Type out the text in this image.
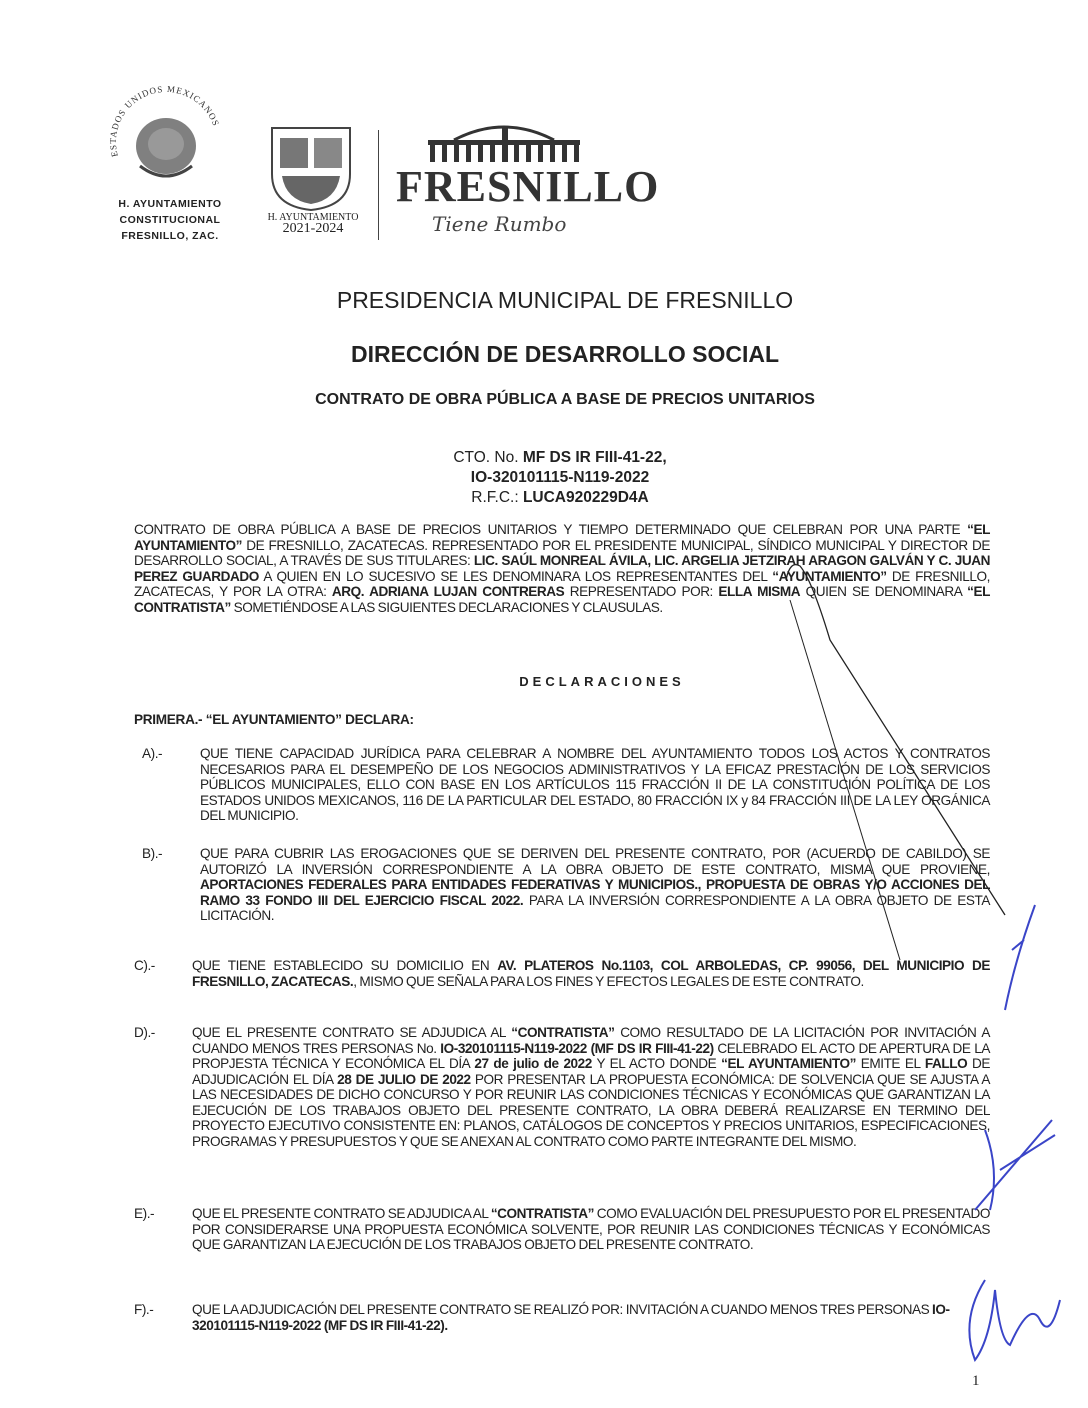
ESTADOS UNIDOS MEXICANOS
H. AYUNTAMIENTO
CONSTITUCIONAL
FRESNILLO, ZAC.
H. AYUNTAMIENTO
2021-2024
FRESNILLO
Tiene Rumbo
PRESIDENCIA MUNICIPAL DE FRESNILLO
DIRECCIÓN DE DESARROLLO SOCIAL
CONTRATO DE OBRA PÚBLICA A BASE DE PRECIOS UNITARIOS
CTO. No. MF DS IR FIII-41-22,
IO-320101115-N119-2022
R.F.C.: LUCA920229D4A
CONTRATO DE OBRA PÚBLICA A BASE DE PRECIOS UNITARIOS Y TIEMPO DETERMINADO QUE CELEBRAN POR UNA PARTE “EL AYUNTAMIENTO” DE FRESNILLO, ZACATECAS. REPRESENTADO POR EL PRESIDENTE MUNICIPAL, SÍNDICO MUNICIPAL Y DIRECTOR DE DESARROLLO SOCIAL, A TRAVÉS DE SUS TITULARES: LIC. SAÚL MONREAL ÁVILA, LIC. ARGELIA JETZIRAH ARAGON GALVÁN Y C. JUAN PEREZ GUARDADO A QUIEN EN LO SUCESIVO SE LES DENOMINARA LOS REPRESENTANTES DEL “AYUNTAMIENTO” DE FRESNILLO, ZACATECAS, Y POR LA OTRA: ARQ. ADRIANA LUJAN CONTRERAS REPRESENTADO POR: ELLA MISMA QUIEN SE DENOMINARA “EL CONTRATISTA” SOMETIÉNDOSE A LAS SIGUIENTES DECLARACIONES Y CLAUSULAS.
DECLARACIONES
PRIMERA.- “EL AYUNTAMIENTO” DECLARA:
A).-	QUE TIENE CAPACIDAD JURÍDICA PARA CELEBRAR A NOMBRE DEL AYUNTAMIENTO TODOS LOS ACTOS Y CONTRATOS NECESARIOS PARA EL DESEMPEÑO DE LOS NEGOCIOS ADMINISTRATIVOS Y LA EFICAZ PRESTACIÓN DE LOS SERVICIOS PÚBLICOS MUNICIPALES, ELLO CON BASE EN LOS ARTÍCULOS 115 FRACCIÓN II DE LA CONSTITUCIÓN POLÍTICA DE LOS ESTADOS UNIDOS MEXICANOS, 116 DE LA PARTICULAR DEL ESTADO, 80 FRACCIÓN IX y 84 FRACCIÓN III DE LA LEY ORGÁNICA DEL MUNICIPIO.
B).-	QUE PARA CUBRIR LAS EROGACIONES QUE SE DERIVEN DEL PRESENTE CONTRATO, POR (ACUERDO DE CABILDO) SE AUTORIZÓ LA INVERSIÓN CORRESPONDIENTE A LA OBRA OBJETO DE ESTE CONTRATO, MISMA QUE PROVIENE, APORTACIONES FEDERALES PARA ENTIDADES FEDERATIVAS Y MUNICIPIOS., PROPUESTA DE OBRAS Y/O ACCIONES DEL RAMO 33 FONDO III DEL EJERCICIO FISCAL 2022. PARA LA INVERSIÓN CORRESPONDIENTE A LA OBRA OBJETO DE ESTA LICITACIÓN.
C).-	QUE TIENE ESTABLECIDO SU DOMICILIO EN AV. PLATEROS No.1103, COL ARBOLEDAS, CP. 99056, DEL MUNICIPIO DE FRESNILLO, ZACATECAS., MISMO QUE SEÑALA PARA LOS FINES Y EFECTOS LEGALES DE ESTE CONTRATO.
D).-	QUE EL PRESENTE CONTRATO SE ADJUDICA AL “CONTRATISTA” COMO RESULTADO DE LA LICITACIÓN POR INVITACIÓN A CUANDO MENOS TRES PERSONAS No. IO-320101115-N119-2022 (MF DS IR FIII-41-22) CELEBRADO EL ACTO DE APERTURA DE LA PROPJESTA TÉCNICA Y ECONÓMICA EL DÍA 27 de julio de 2022 Y EL ACTO DONDE “EL AYUNTAMIENTO” EMITE EL FALLO DE ADJUDICACIÓN EL DÍA 28 DE JULIO DE 2022 POR PRESENTAR LA PROPUESTA ECONÓMICA: DE SOLVENCIA QUE SE AJUSTA A LAS NECESIDADES DE DICHO CONCURSO Y POR REUNIR LAS CONDICIONES TÉCNICAS Y ECONÓMICAS QUE GARANTIZAN LA EJECUCIÓN DE LOS TRABAJOS OBJETO DEL PRESENTE CONTRATO, LA OBRA DEBERÁ REALIZARSE EN TERMINO DEL PROYECTO EJECUTIVO CONSISTENTE EN: PLANOS, CATÁLOGOS DE CONCEPTOS Y PRECIOS UNITARIOS, ESPECIFICACIONES, PROGRAMAS Y PRESUPUESTOS Y QUE SE ANEXAN AL CONTRATO COMO PARTE INTEGRANTE DEL MISMO.
E).-	QUE EL PRESENTE CONTRATO SE ADJUDICA AL “CONTRATISTA” COMO EVALUACIÓN DEL PRESUPUESTO POR EL PRESENTADO POR CONSIDERARSE UNA PROPUESTA ECONÓMICA SOLVENTE, POR REUNIR LAS CONDICIONES TÉCNICAS Y ECONÓMICAS QUE GARANTIZAN LA EJECUCIÓN DE LOS TRABAJOS OBJETO DEL PRESENTE CONTRATO.
F).-	QUE LA ADJUDICACIÓN DEL PRESENTE CONTRATO SE REALIZÓ POR: INVITACIÓN A CUANDO MENOS TRES PERSONAS IO-320101115-N119-2022 (MF DS IR FIII-41-22).
1
